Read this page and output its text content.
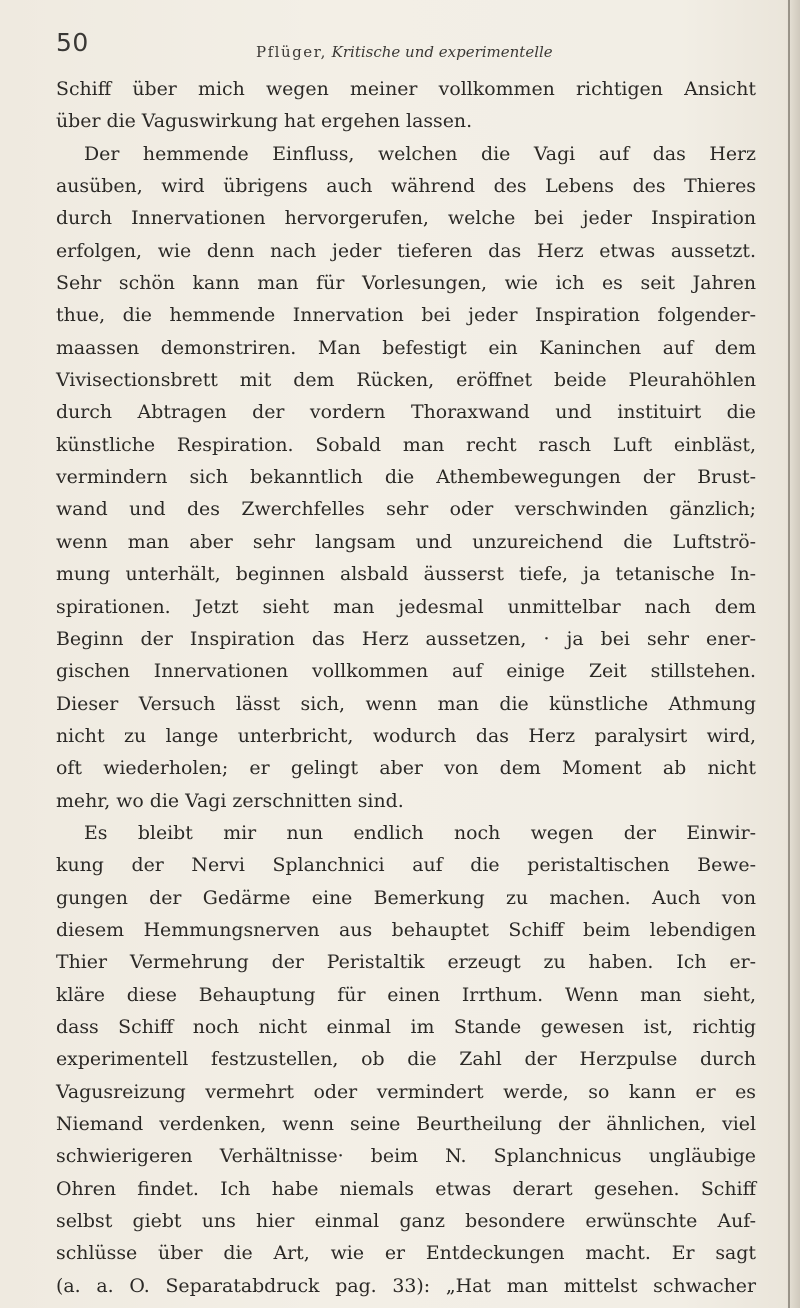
50	Pflüger, Kritische und experimentelle
Schiff über mich wegen meiner vollkommen richtigen Ansicht
über die Vaguswirkung hat ergehen lassen.
Der hemmende Einfluss, welchen die Vagi auf das Herz
ausüben, wird übrigens auch während des Lebens des Thieres
durch Innervationen hervorgerufen, welche bei jeder Inspiration
erfolgen, wie denn nach jeder tieferen das Herz etwas aussetzt.
Sehr schön kann man für Vorlesungen, wie ich es seit Jahren
thue, die hemmende Innervation bei jeder Inspiration folgender-
maassen demonstriren. Man befestigt ein Kaninchen auf dem
Vivisectionsbrett mit dem Rücken, eröffnet beide Pleurahöhlen
durch Abtragen der vordern Thoraxwand und instituirt die
künstliche Respiration. Sobald man recht rasch Luft einbläst,
vermindern sich bekanntlich die Athembewegungen der Brust-
wand und des Zwerchfelles sehr oder verschwinden gänzlich;
wenn man aber sehr langsam und unzureichend die Luftströ-
mung unterhält, beginnen alsbald äusserst tiefe, ja tetanische In-
spirationen. Jetzt sieht man jedesmal unmittelbar nach dem
Beginn der Inspiration das Herz aussetzen, · ja bei sehr ener-
gischen Innervationen vollkommen auf einige Zeit stillstehen.
Dieser Versuch lässt sich, wenn man die künstliche Athmung
nicht zu lange unterbricht, wodurch das Herz paralysirt wird,
oft wiederholen; er gelingt aber von dem Moment ab nicht
mehr, wo die Vagi zerschnitten sind.
Es bleibt mir nun endlich noch wegen der Einwir-
kung der Nervi Splanchnici auf die peristaltischen Bewe-
gungen der Gedärme eine Bemerkung zu machen. Auch von
diesem Hemmungsnerven aus behauptet Schiff beim lebendigen
Thier Vermehrung der Peristaltik erzeugt zu haben. Ich er-
kläre diese Behauptung für einen Irrthum. Wenn man sieht,
dass Schiff noch nicht einmal im Stande gewesen ist, richtig
experimentell festzustellen, ob die Zahl der Herzpulse durch
Vagusreizung vermehrt oder vermindert werde, so kann er es
Niemand verdenken, wenn seine Beurtheilung der ähnlichen, viel
schwierigeren Verhältnisse· beim N. Splanchnicus ungläubige
Ohren findet. Ich habe niemals etwas derart gesehen. Schiff
selbst giebt uns hier einmal ganz besondere erwünschte Auf-
schlüsse über die Art, wie er Entdeckungen macht. Er sagt
(a. a. O. Separatabdruck pag. 33): „Hat man mittelst schwacher
